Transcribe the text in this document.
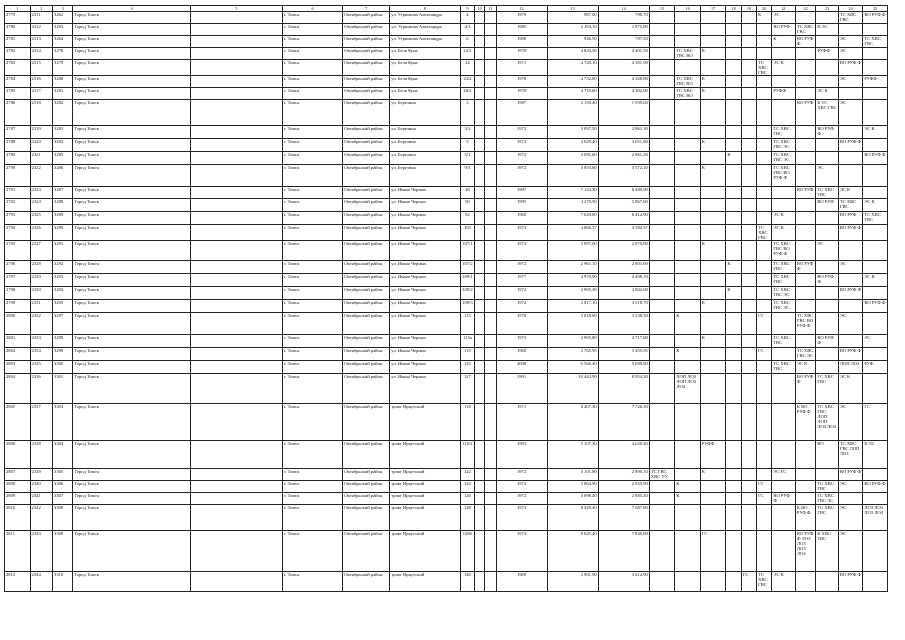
1	2	3	4	5	6	7	8	9	10	11	12	13	14	15	16	17	18	19	20	21	22	23	24	25
2779	2311	3262	Город Томск		г. Томск	Октябрьский район	ул. Угрюмова Александра	4			1979	987,00	798,70						К	ЭС			ТС ХВС ГВС	ВО РУФ Ф
2780	2312	3263	Город Томск		г. Томск	Октябрьский район	ул. Угрюмова Александра	4/1			1985	2 163,10	1 875,80							ВО РУФ	ТС ХВС ГВС	К ЭС		
2781	2313	3264	Город Томск		г. Томск	Октябрьский район	ул. Угрюмова Александра	6			1980	946,50	787,50							К	ВО РУФ Ф		ЭС	ТС ХВС ГВС
2782	2314	3278	Город Томск		г. Томск	Октябрьский район	ул. Бела Куна	22/2			1978	4 824,50	4 401,50		ТС ХВС ГВС ВО	К						РУФФ	ЭС	
2783	2315	3279	Город Томск		г. Томск	Октябрьский район	ул. Бела Куна	24			1971	4 720,10	4 301,90						ТС ХВС ГВС	ЭС К			ВО РУФ Ф	
2784	2316	3280	Город Томск		г. Томск	Октябрьский район	ул. Бела Куна	24/2			1978	4 732,60	4 328,80		ТС ХВС ГВС ВО	К							ЭС	РУФФ
2785	2317	3281	Город Томск		г. Томск	Октябрьский район	ул. Бела Куна	26/2			1978	4 719,60	4 302,90		ТС ХВС ГВС ВО	К				РУФФ		ЭС К		
2786	2318	3282	Город Томск		г. Томск	Октябрьский район	ул. Березина	3			1987	2 150,40	1 939,60								ВО РУФ	К ТС ХВС ГВС	ЭС	
2787	2319	3283	Город Томск		г. Томск	Октябрьский район	ул. Березина	3/2			1972	3 097,50	2 861,30							ТС ХВС ГВС		ВО РУФ Ф		ЭС К
2788	2320	3284	Город Томск		г. Томск	Октябрьский район	ул. Березина	5			1972	4 029,40	3 651,80			К				ТС ХВС ГВС ЭС			ВО РУФ Ф	
2789	2321	3285	Город Томск		г. Томск	Октябрьский район	ул. Березина	5/1			1972	3 091,60	2 861,20				К			ТС ХВС ГВС ЭС				ВО РУФ Ф
2790	2322	3286	Город Томск		г. Томск	Октябрьский район	ул. Березина	9/3			1972	3 853,60	3 572,10			К				ТС ХВС ГВС ВО РУФ Ф		ЭС		
2791	2323	3287	Город Томск		г. Томск	Октябрьский район	ул. Ивана Черных	48			1997	7 143,30	6 480,90								ВО РУФ	ТС ХВС ГВС	ЭС К	
2792	2324	3288	Город Томск		г. Томск	Октябрьский район	ул. Ивана Черных	50			1995	4 279,50	3 867,60									ВО РУФ	ТС ХВС ГВС	ЭС К
2793	2325	3289	Город Томск		г. Томск	Октябрьский район	ул. Ивана Черных	52			1968	7 029,60	6 412,90							ЭС К			ВО РУФ	ТС ХВС ГВС
2794	2326	3290	Город Томск		г. Томск	Октябрьский район	ул. Ивана Черных	105			1974	4 866,37	4 382,37						ТС ХВС ГВС	ЭС К			ВО РУФ Ф	
2795	2327	3291	Город Томск		г. Томск	Октябрьский район	ул. Ивана Черных	107/1			1973	3 097,00	2 870,80			К				ТС ХВС ГВС ВО РУФ Ф		ЭС		
2796	2328	3292	Город Томск		г. Томск	Октябрьский район	ул. Ивана Черных	107/2			1972	2 961,10	2 801,60				К			ТС ХВС ГВС	ВО РУФ Ф		ЭС	
2797	2329	3293	Город Томск		г. Томск	Октябрьский район	ул. Ивана Черных	109/1			1977	4 970,90	4 498,10							ТС ХВС ГВС		ВО РУФ Ф		ЭС К
2798	2330	3294	Город Томск		г. Томск	Октябрьский район	ул. Ивана Черных	109/2			1972	2 995,30	2 802,60				К			ТС ХВС ГВС ЭС			ВО РУФ Ф	
2799	2331	3295	Город Томск		г. Томск	Октябрьский район	ул. Ивана Черных	109/3			1972	3 817,10	3 518,70			К				ТС ХВС ГВС ЭС				ВО РУФ Ф
2800	2332	3297	Город Томск		г. Томск	Октябрьский район	ул. Ивана Черных	115			1970	3 818,60	3 538,50		К				ГС		ТС ХВС ГВС ВО РУФ Ф		ЭС	
2801	2333	3298	Город Томск		г. Томск	Октябрьский район	ул. Ивана Черных	115а			1973	2 995,80	2 717,80			К				ТС ХВС ГВС		ВО РУФ Ф		ЭС
2802	2334	3299	Город Томск		г. Томск	Октябрьский район	ул. Ивана Черных	119			1968	3 765,95	3 455,95		К				ГС		ТС ХВС ГВС ЭС		ВО РУФ Ф	
2803	2335	3300	Город Томск		г. Томск	Октябрьский район	ул. Ивана Черных	125			2008	6 566,40	5 699,80							ТС ХВС ГВС	ЭС К		ЛОП ЛОЗ	РУФ
2804	2336	3301	Город Томск		г. Томск	Октябрьский район	ул. Ивана Черных	127			1991	10 443,90	8 954,20		ЛОП ЛОЗ ЛОП ЛОЗ ЛО4						ВО РУФ Ф	ТС ХВС ГВС	ЭС К	
2805	2337	3303	Город Томск		г. Томск	Октябрьский район	тракт Иркутский	118			1971	8 407,30	7 726,30								К ВО РУФ Ф	ТС ХВС ГВС ЛОП ЛОП ЛОЗ ЛО4	ЭС	ГС
2806	2338	3304	Город Томск		г. Томск	Октябрьский район	тракт Иркутский	118/2			1993	5 107,30	4 620,40			РУФФ						ВО	ТС ХВС ГВС ЛОП ЛОЗ	К ЭС
2807	2339	3305	Город Томск		г. Томск	Октябрьский район	тракт Иркутский	122			1972	3 101,80	2 890,10	ТС ГВС ХВС УУ		К				ЭС ГС			ВО РУФ Ф	
2808	2340	3306	Город Томск		г. Томск	Октябрьский район	тракт Иркутский	124			1972	3 064,90	2 835,90		К				ГС			ТС ХВС ГВС	ЭС	ВО РУФ Ф
2809	2341	3307	Город Томск		г. Томск	Октябрьский район	тракт Иркутский	126			1972	3 098,40	2 885,40		К				ГС	ВО РУФ Ф		ТС ХВС ГВС ЭС		
2810	2342	3308	Город Томск		г. Томск	Октябрьский район	тракт Иркутский	128			1974	8 429,40	7 687,80								К ВО РУФ Ф	ТС ХВС ГВС	ЭС	ЛОЗ ЛОЗ ЛО3 ЛО4
2811	2343	3309	Город Томск		г. Томск	Октябрьский район	тракт Иркутский	128б			1974	8 625,40	7 840,80			ГС					ВО РУФ Ф ЛОЗ ЛОЗ ЛО3 ЛО4	К ХВС ГВС	ЭС	
2812	2344	3310	Город Томск		г. Томск	Октябрьский район	тракт Иркутский	140			1969	3 901,90	3 612,90					ГС	ТС ХВС ГВС	ЭС К			ВО РУФ Ф	
